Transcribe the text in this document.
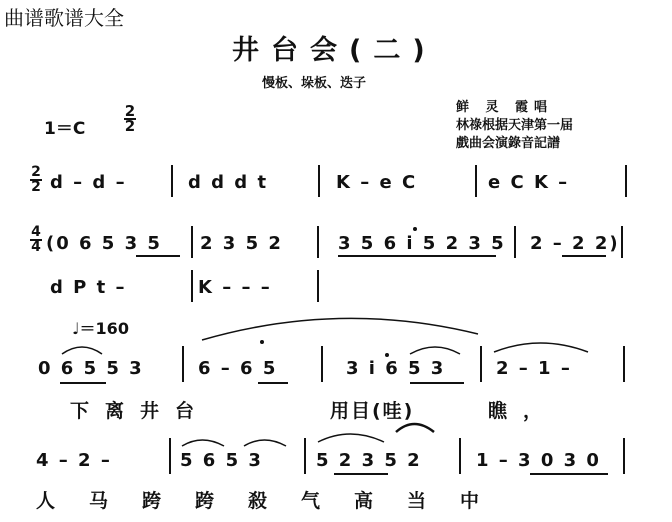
曲谱歌谱大全
井台会(二)
慢板、垛板、迭子
鲜 灵 霞唱
林祿根据天津第一届
戲曲会演錄音記譜
1＝C
2
2
2
2 d – d –	d d d t	K – e C	e C K –
4
4 (0 6 5 3 5 2 3 5 2	3 5 6 i 5 2 3 5 2 – 2 2)
d P t –	K – – –
♩＝160
0 6 5 5 3	6 – 6 5	3 i 6 5 3	2 – 1 –
下离井台	用目(哇)	瞧，
4 – 2 –	5 6 5 3	5 2 3 5 2	1 – 3 0 3 0
人马跨跨殺气高当中
